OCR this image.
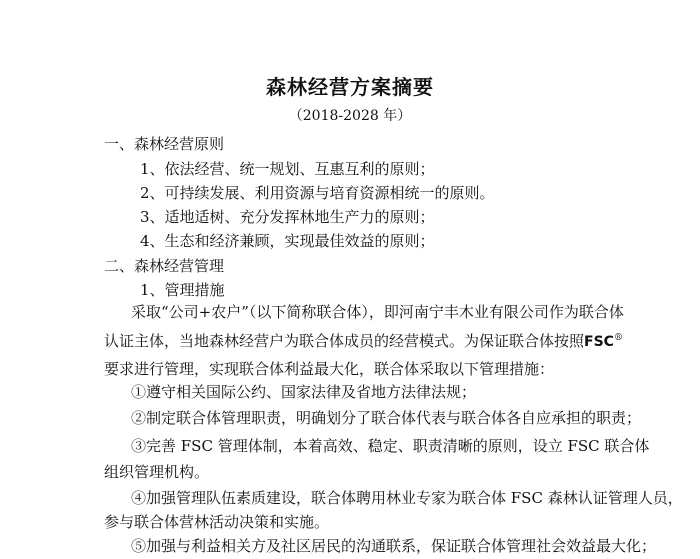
森林经营方案摘要
（2018-2028 年）
一、森林经营原则
1、依法经营、统一规划、互惠互利的原则；
2、可持续发展、利用资源与培育资源相统一的原则。
3、适地适树、充分发挥林地生产力的原则；
4、生态和经济兼顾，实现最佳效益的原则；
二、森林经营管理
1、管理措施
采取“公司+农户”（以下简称联合体），即河南宁丰木业有限公司作为联合体
认证主体，当地森林经营户为联合体成员的经营模式。为保证联合体按照FSC®
要求进行管理，实现联合体利益最大化，联合体采取以下管理措施：
①遵守相关国际公约、国家法律及省地方法律法规；
②制定联合体管理职责，明确划分了联合体代表与联合体各自应承担的职责；
③完善 FSC 管理体制，本着高效、稳定、职责清晰的原则，设立 FSC 联合体
组织管理机构。
④加强管理队伍素质建设，联合体聘用林业专家为联合体 FSC 森林认证管理人员，
参与联合体营林活动决策和实施。
⑤加强与利益相关方及社区居民的沟通联系，保证联合体管理社会效益最大化；
